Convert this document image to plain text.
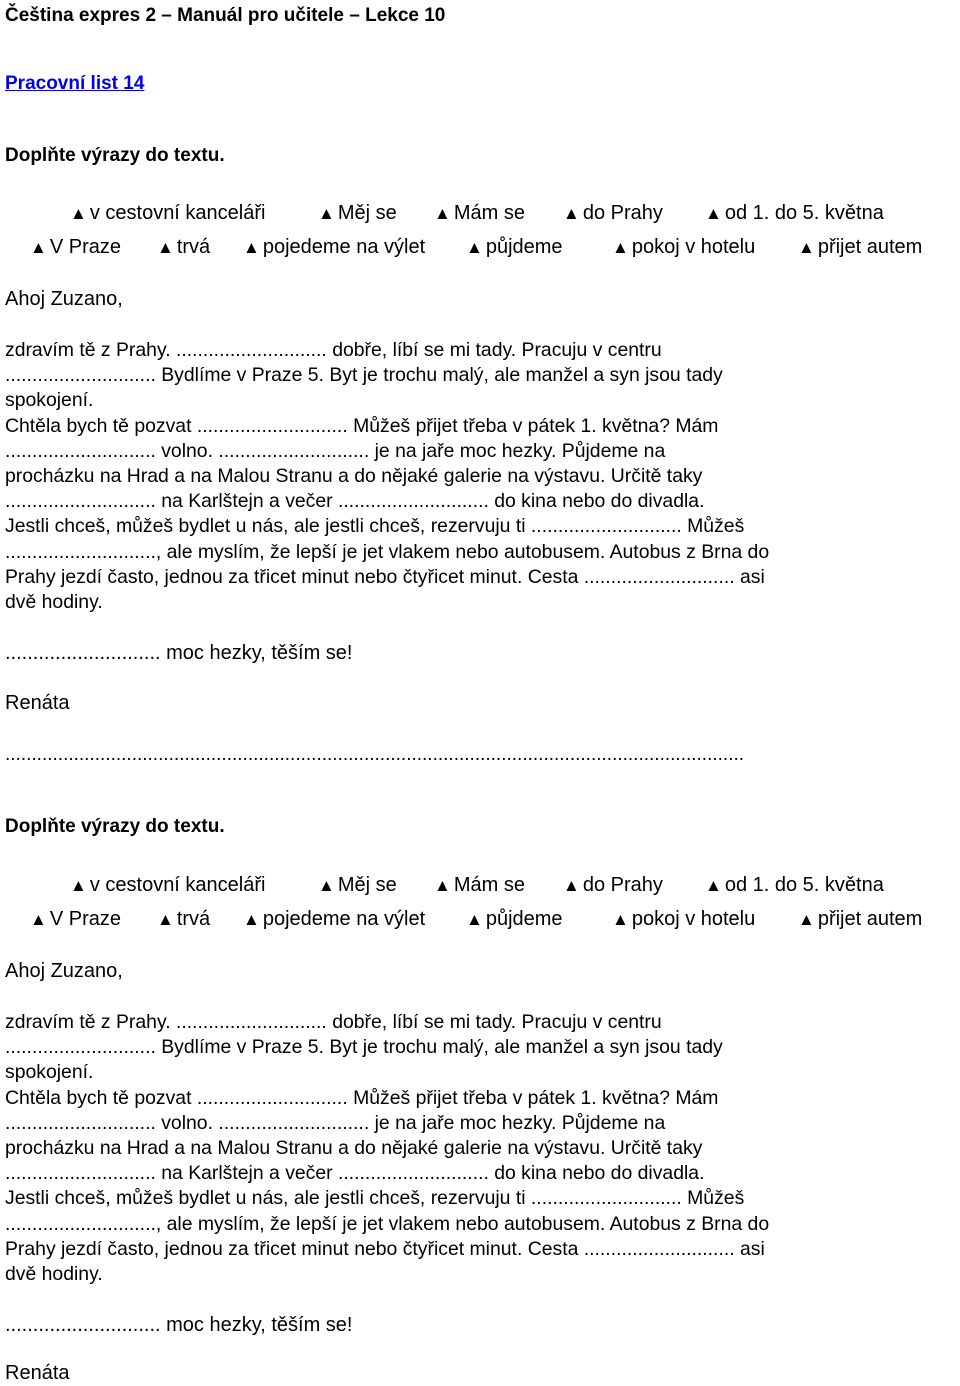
Čeština expres 2 – Manuál pro učitele – Lekce 10
Pracovní list 14
Doplňte výrazy do textu.
▲ v cestovní kanceláři	▲ Měj se ▲ Mám se ▲ do Prahy ▲ od 1. do 5. května
▲ V Praze ▲ trvá ▲ pojedeme na výlet ▲ půjdeme	▲ pokoj v hotelu	▲ přijet autem
Ahoj Zuzano,
zdravím tě z Prahy. ............................ dobře, líbí se mi tady. Pracuju v centru
............................ Bydlíme v Praze 5. Byt je trochu malý, ale manžel a syn jsou tady
spokojení.
Chtěla bych tě pozvat ............................ Můžeš přijet třeba v pátek 1. května? Mám
............................ volno. ............................ je na jaře moc hezky. Půjdeme na
procházku na Hrad a na Malou Stranu a do nějaké galerie na výstavu. Určitě taky
............................ na Karlštejn a večer ............................ do kina nebo do divadla.
Jestli chceš, můžeš bydlet u nás, ale jestli chceš, rezervuju ti ............................ Můžeš
............................, ale myslím, že lepší je jet vlakem nebo autobusem. Autobus z Brna do
Prahy jezdí často, jednou za třicet minut nebo čtyřicet minut. Cesta ............................ asi
dvě hodiny.
............................ moc hezky, těším se!
Renáta
............................................................................................................................................
Doplňte výrazy do textu.
▲ v cestovní kanceláři	▲ Měj se ▲ Mám se ▲ do Prahy ▲ od 1. do 5. května
▲ V Praze ▲ trvá ▲ pojedeme na výlet ▲ půjdeme	▲ pokoj v hotelu	▲ přijet autem
Ahoj Zuzano,
zdravím tě z Prahy. ............................ dobře, líbí se mi tady. Pracuju v centru
............................ Bydlíme v Praze 5. Byt je trochu malý, ale manžel a syn jsou tady
spokojení.
Chtěla bych tě pozvat ............................ Můžeš přijet třeba v pátek 1. května? Mám
............................ volno. ............................ je na jaře moc hezky. Půjdeme na
procházku na Hrad a na Malou Stranu a do nějaké galerie na výstavu. Určitě taky
............................ na Karlštejn a večer ............................ do kina nebo do divadla.
Jestli chceš, můžeš bydlet u nás, ale jestli chceš, rezervuju ti ............................ Můžeš
............................, ale myslím, že lepší je jet vlakem nebo autobusem. Autobus z Brna do
Prahy jezdí často, jednou za třicet minut nebo čtyřicet minut. Cesta ............................ asi
dvě hodiny.
............................ moc hezky, těším se!
Renáta
